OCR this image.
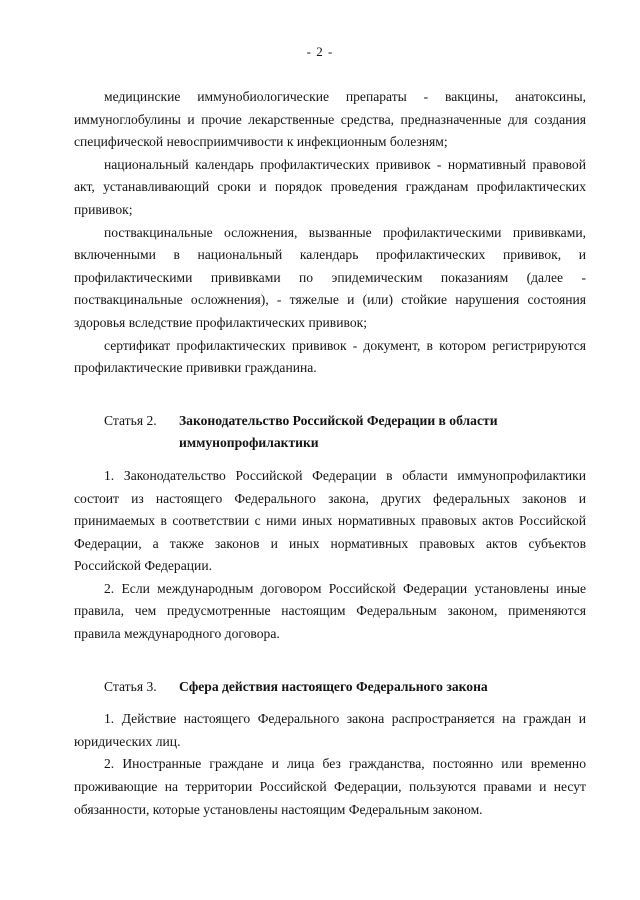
- 2 -

медицинские иммунобиологические препараты - вакцины, анатоксины, иммуноглобулины и прочие лекарственные средства, предназначенные для создания специфической невосприимчивости к инфекционным болезням;

национальный календарь профилактических прививок - нормативный правовой акт, устанавливающий сроки и порядок проведения гражданам профилактических прививок;

поствакцинальные осложнения, вызванные профилактическими прививками, включенными в национальный календарь профилактических прививок, и профилактическими прививками по эпидемическим показаниям (далее - поствакцинальные осложнения), - тяжелые и (или) стойкие нарушения состояния здоровья вследствие профилактических прививок;

сертификат профилактических прививок - документ, в котором регистрируются профилактические прививки гражданина.

Статья 2.	Законодательство Российской Федерации в области иммунопрофилактики

1. Законодательство Российской Федерации в области иммунопрофилактики состоит из настоящего Федерального закона, других федеральных законов и принимаемых в соответствии с ними иных нормативных правовых актов Российской Федерации, а также законов и иных нормативных правовых актов субъектов Российской Федерации.

2. Если международным договором Российской Федерации установлены иные правила, чем предусмотренные настоящим Федеральным законом, применяются правила международного договора.

Статья 3.	Сфера действия настоящего Федерального закона

1. Действие настоящего Федерального закона распространяется на граждан и юридических лиц.

2. Иностранные граждане и лица без гражданства, постоянно или временно проживающие на территории Российской Федерации, пользуются правами и несут обязанности, которые установлены настоящим Федеральным законом.
